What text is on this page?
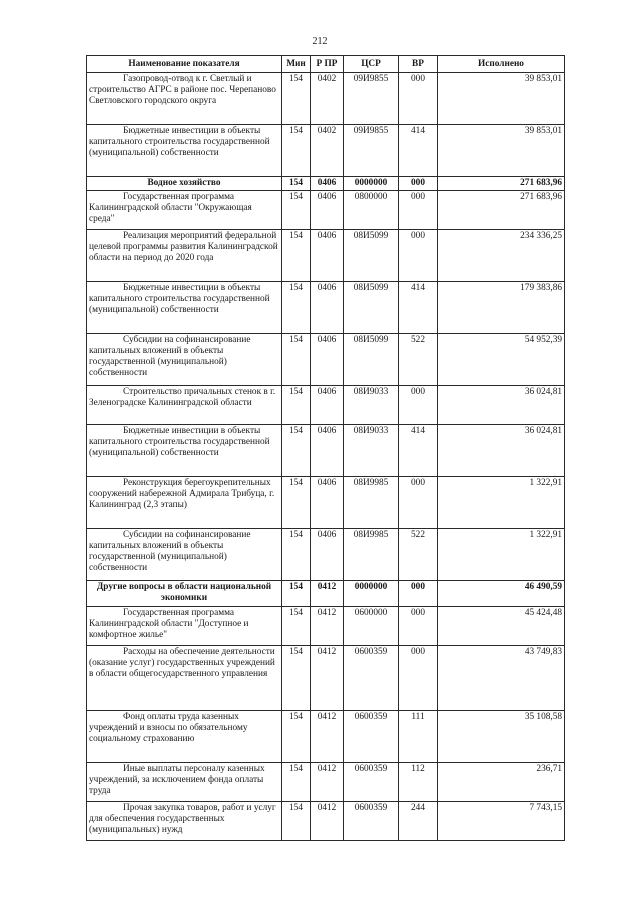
212
Наименование показателя	Мин	Р ПР	ЦСР	ВР	Исполнено
Газопровод-отвод к г. Светлый и строительство АГРС в районе пос. Черепаново Светловского городского округа	154	0402	09И9855	000	39 853,01
Бюджетные инвестиции в объекты капитального строительства государственной (муниципальной) собственности	154	0402	09И9855	414	39 853,01
Водное хозяйство	154	0406	0000000	000	271 683,96
Государственная программа Калининградской области "Окружающая среда"	154	0406	0800000	000	271 683,96
Реализация мероприятий федеральной целевой программы развития Калининградской области на период до 2020 года	154	0406	08И5099	000	234 336,25
Бюджетные инвестиции в объекты капитального строительства государственной (муниципальной) собственности	154	0406	08И5099	414	179 383,86
Субсидии на софинансирование капитальных вложений в объекты государственной (муниципальной) собственности	154	0406	08И5099	522	54 952,39
Строительство причальных стенок в г. Зеленоградске Калининградской области	154	0406	08И9033	000	36 024,81
Бюджетные инвестиции в объекты капитального строительства государственной (муниципальной) собственности	154	0406	08И9033	414	36 024,81
Реконструкция берегоукрепительных сооружений набережной Адмирала Трибуца, г. Калининград (2,3 этапы)	154	0406	08И9985	000	1 322,91
Субсидии на софинансирование капитальных вложений в объекты государственной (муниципальной) собственности	154	0406	08И9985	522	1 322,91
Другие вопросы в области национальной экономики	154	0412	0000000	000	46 490,59
Государственная программа Калининградской области "Доступное и комфортное жилье"	154	0412	0600000	000	45 424,48
Расходы на обеспечение деятельности (оказание услуг) государственных учреждений в области общегосударственного управления	154	0412	0600359	000	43 749,83
Фонд оплаты труда казенных учреждений и взносы по обязательному социальному страхованию	154	0412	0600359	111	35 108,58
Иные выплаты персоналу казенных учреждений, за исключением фонда оплаты труда	154	0412	0600359	112	236,71
Прочая закупка товаров, работ и услуг для обеспечения государственных (муниципальных) нужд	154	0412	0600359	244	7 743,15
